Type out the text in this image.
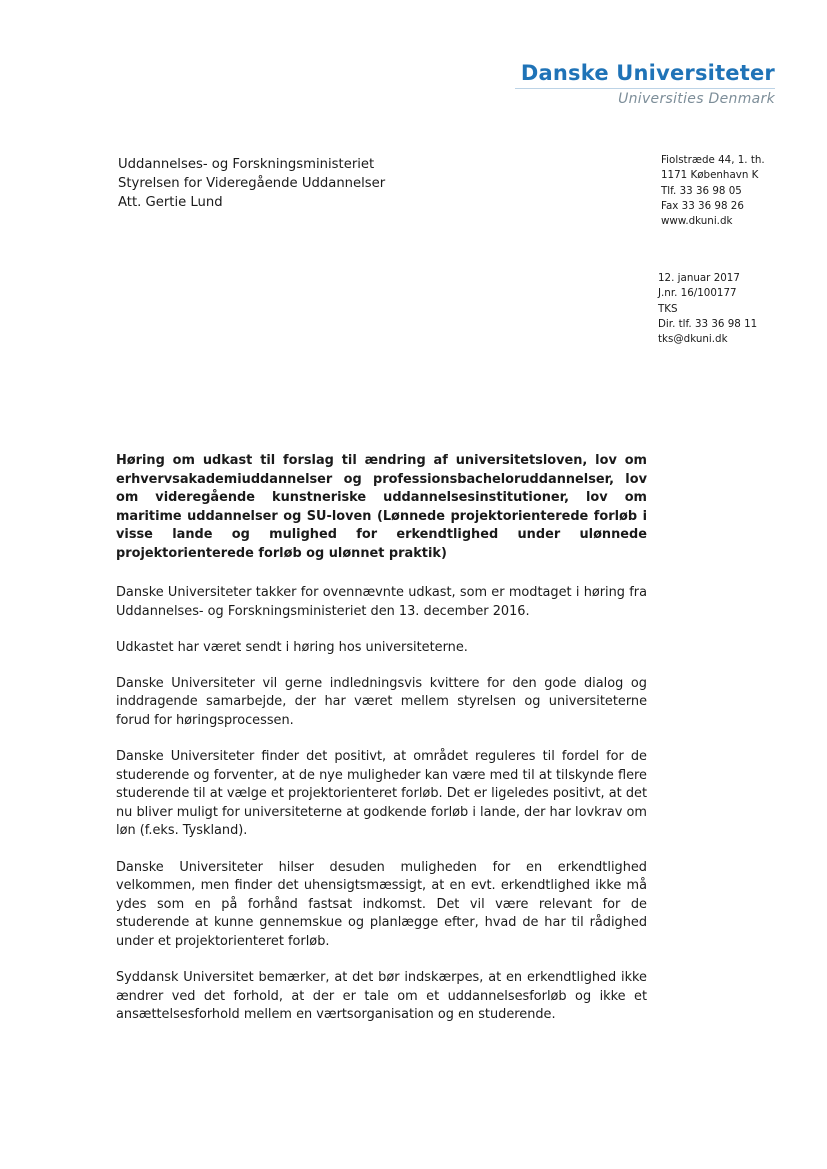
Danske Universiteter
Universities Denmark
Uddannelses- og Forskningsministeriet
Styrelsen for Videregående Uddannelser
Att. Gertie Lund
Fiolstræde 44, 1. th.
1171 København K
Tlf. 33 36 98 05
Fax 33 36 98 26
www.dkuni.dk
12. januar 2017
J.nr. 16/100177
TKS
Dir. tlf. 33 36 98 11
tks@dkuni.dk
Høring om udkast til forslag til ændring af universitetsloven, lov om erhvervsakademiuddannelser og professionsbacheloruddannelser, lov om videregående kunstneriske uddannelsesinstitutioner, lov om maritime uddannelser og SU-loven (Lønnede projektorienterede forløb i visse lande og mulighed for erkendtlighed under ulønnede projektorienterede forløb og ulønnet praktik)

Danske Universiteter takker for ovennævnte udkast, som er modtaget i høring fra Uddannelses- og Forskningsministeriet den 13. december 2016.

Udkastet har været sendt i høring hos universiteterne.

Danske Universiteter vil gerne indledningsvis kvittere for den gode dialog og inddragende samarbejde, der har været mellem styrelsen og universiteterne forud for høringsprocessen.

Danske Universiteter finder det positivt, at området reguleres til fordel for de studerende og forventer, at de nye muligheder kan være med til at tilskynde flere studerende til at vælge et projektorienteret forløb. Det er ligeledes positivt, at det nu bliver muligt for universiteterne at godkende forløb i lande, der har lovkrav om løn (f.eks. Tyskland).

Danske Universiteter hilser desuden muligheden for en erkendtlighed velkommen, men finder det uhensigtsmæssigt, at en evt. erkendtlighed ikke må ydes som en på forhånd fastsat indkomst. Det vil være relevant for de studerende at kunne gennemskue og planlægge efter, hvad de har til rådighed under et projektorienteret forløb.

Syddansk Universitet bemærker, at det bør indskærpes, at en erkendtlighed ikke ændrer ved det forhold, at der er tale om et uddannelsesforløb og ikke et ansættelsesforhold mellem en værtsorganisation og en studerende.
